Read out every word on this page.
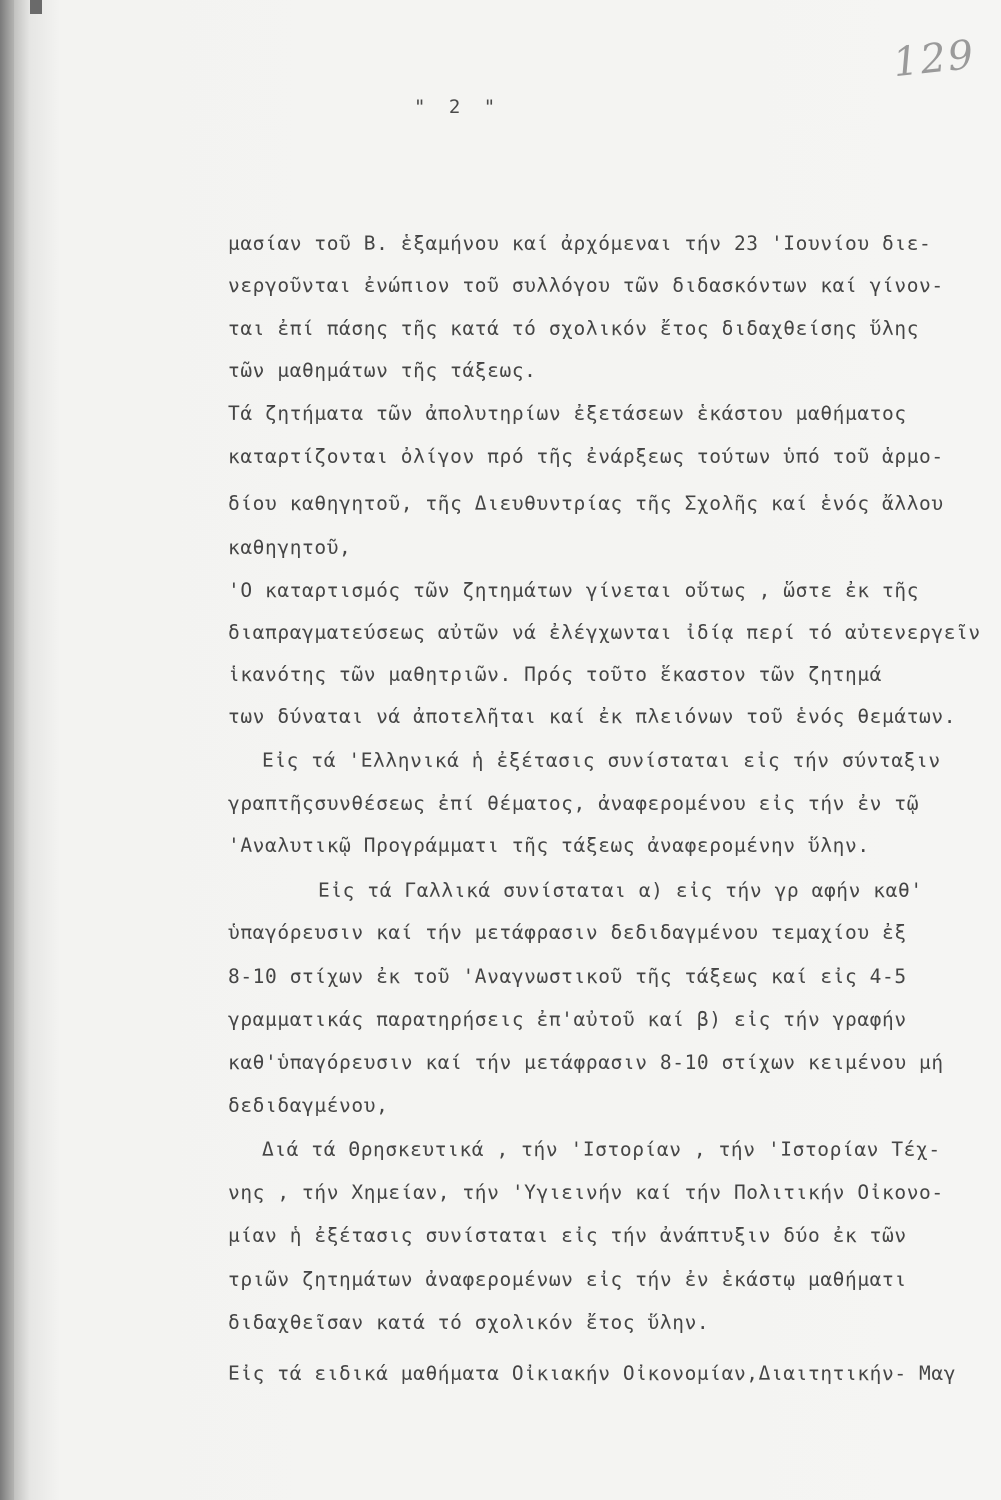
129
" 2 "
μασίαν τοῦ Β. ἑξαμήνου καί ἀρχόμεναι τήν 23 'Ιουνίου διε-
νεργοῦνται ἐνώπιον τοῦ συλλόγου τῶν διδασκόντων καί γίνον-
ται ἐπί πάσης τῆς κατά τό σχολικόν ἔτος διδαχθείσης ὕλης
τῶν μαθημάτων τῆς τάξεως.
Τά ζητήματα τῶν ἀπολυτηρίων ἐξετάσεων ἑκάστου μαθήματος
καταρτίζονται ὀλίγον πρό τῆς ἐνάρξεως τούτων ὑπό τοῦ ἁρμο-
δίου καθηγητοῦ, τῆς Διευθυντρίας τῆς Σχολῆς καί ἑνός ἄλλου
καθηγητοῦ,
'Ο καταρτισμός τῶν ζητημάτων γίνεται οὕτως , ὥστε ἐκ τῆς
διαπραγματεύσεως αὐτῶν νά ἐλέγχωνται ἰδίᾳ περί τό αὐτενεργεῖν
ἱκανότης τῶν μαθητριῶν. Πρός τοῦτο ἕκαστον τῶν ζητημά
των δύναται νά ἀποτελῆται καί ἐκ πλειόνων τοῦ ἑνός θεμάτων.
Εἰς τά 'Ελληνικά ἡ ἐξέτασις συνίσταται εἰς τήν σύνταξιν
γραπτῆςσυνθέσεως ἐπί θέματος, ἀναφερομένου εἰς τήν ἐν τῷ
'Αναλυτικῷ Προγράμματι τῆς τάξεως ἀναφερομένην ὕλην.
Εἰς τά Γαλλικά συνίσταται α) εἰς τήν γρ αφήν καθ'
ὑπαγόρευσιν καί τήν μετάφρασιν δεδιδαγμένου τεμαχίου ἐξ
8-10 στίχων ἐκ τοῦ 'Αναγνωστικοῦ τῆς τάξεως καί εἰς 4-5
γραμματικάς παρατηρήσεις ἐπ'αὐτοῦ καί β) εἰς τήν γραφήν
καθ'ὑπαγόρευσιν καί τήν μετάφρασιν 8-10 στίχων κειμένου μή
δεδιδαγμένου,
Διά τά Θρησκευτικά , τήν 'Ιστορίαν , τήν 'Ιστορίαν Τέχ-
νης , τήν Χημείαν, τήν 'Υγιεινήν καί τήν Πολιτικήν Οἰκονο-
μίαν ἡ ἐξέτασις συνίσταται εἰς τήν ἀνάπτυξιν δύο ἐκ τῶν
τριῶν ζητημάτων ἀναφερομένων εἰς τήν ἐν ἑκάστῳ μαθήματι
διδαχθεῖσαν κατά τό σχολικόν ἔτος ὕλην.
Εἰς τά ειδικά μαθήματα Οἰκιακήν Οἰκονομίαν,Διαιτητικήν- Μαγ
